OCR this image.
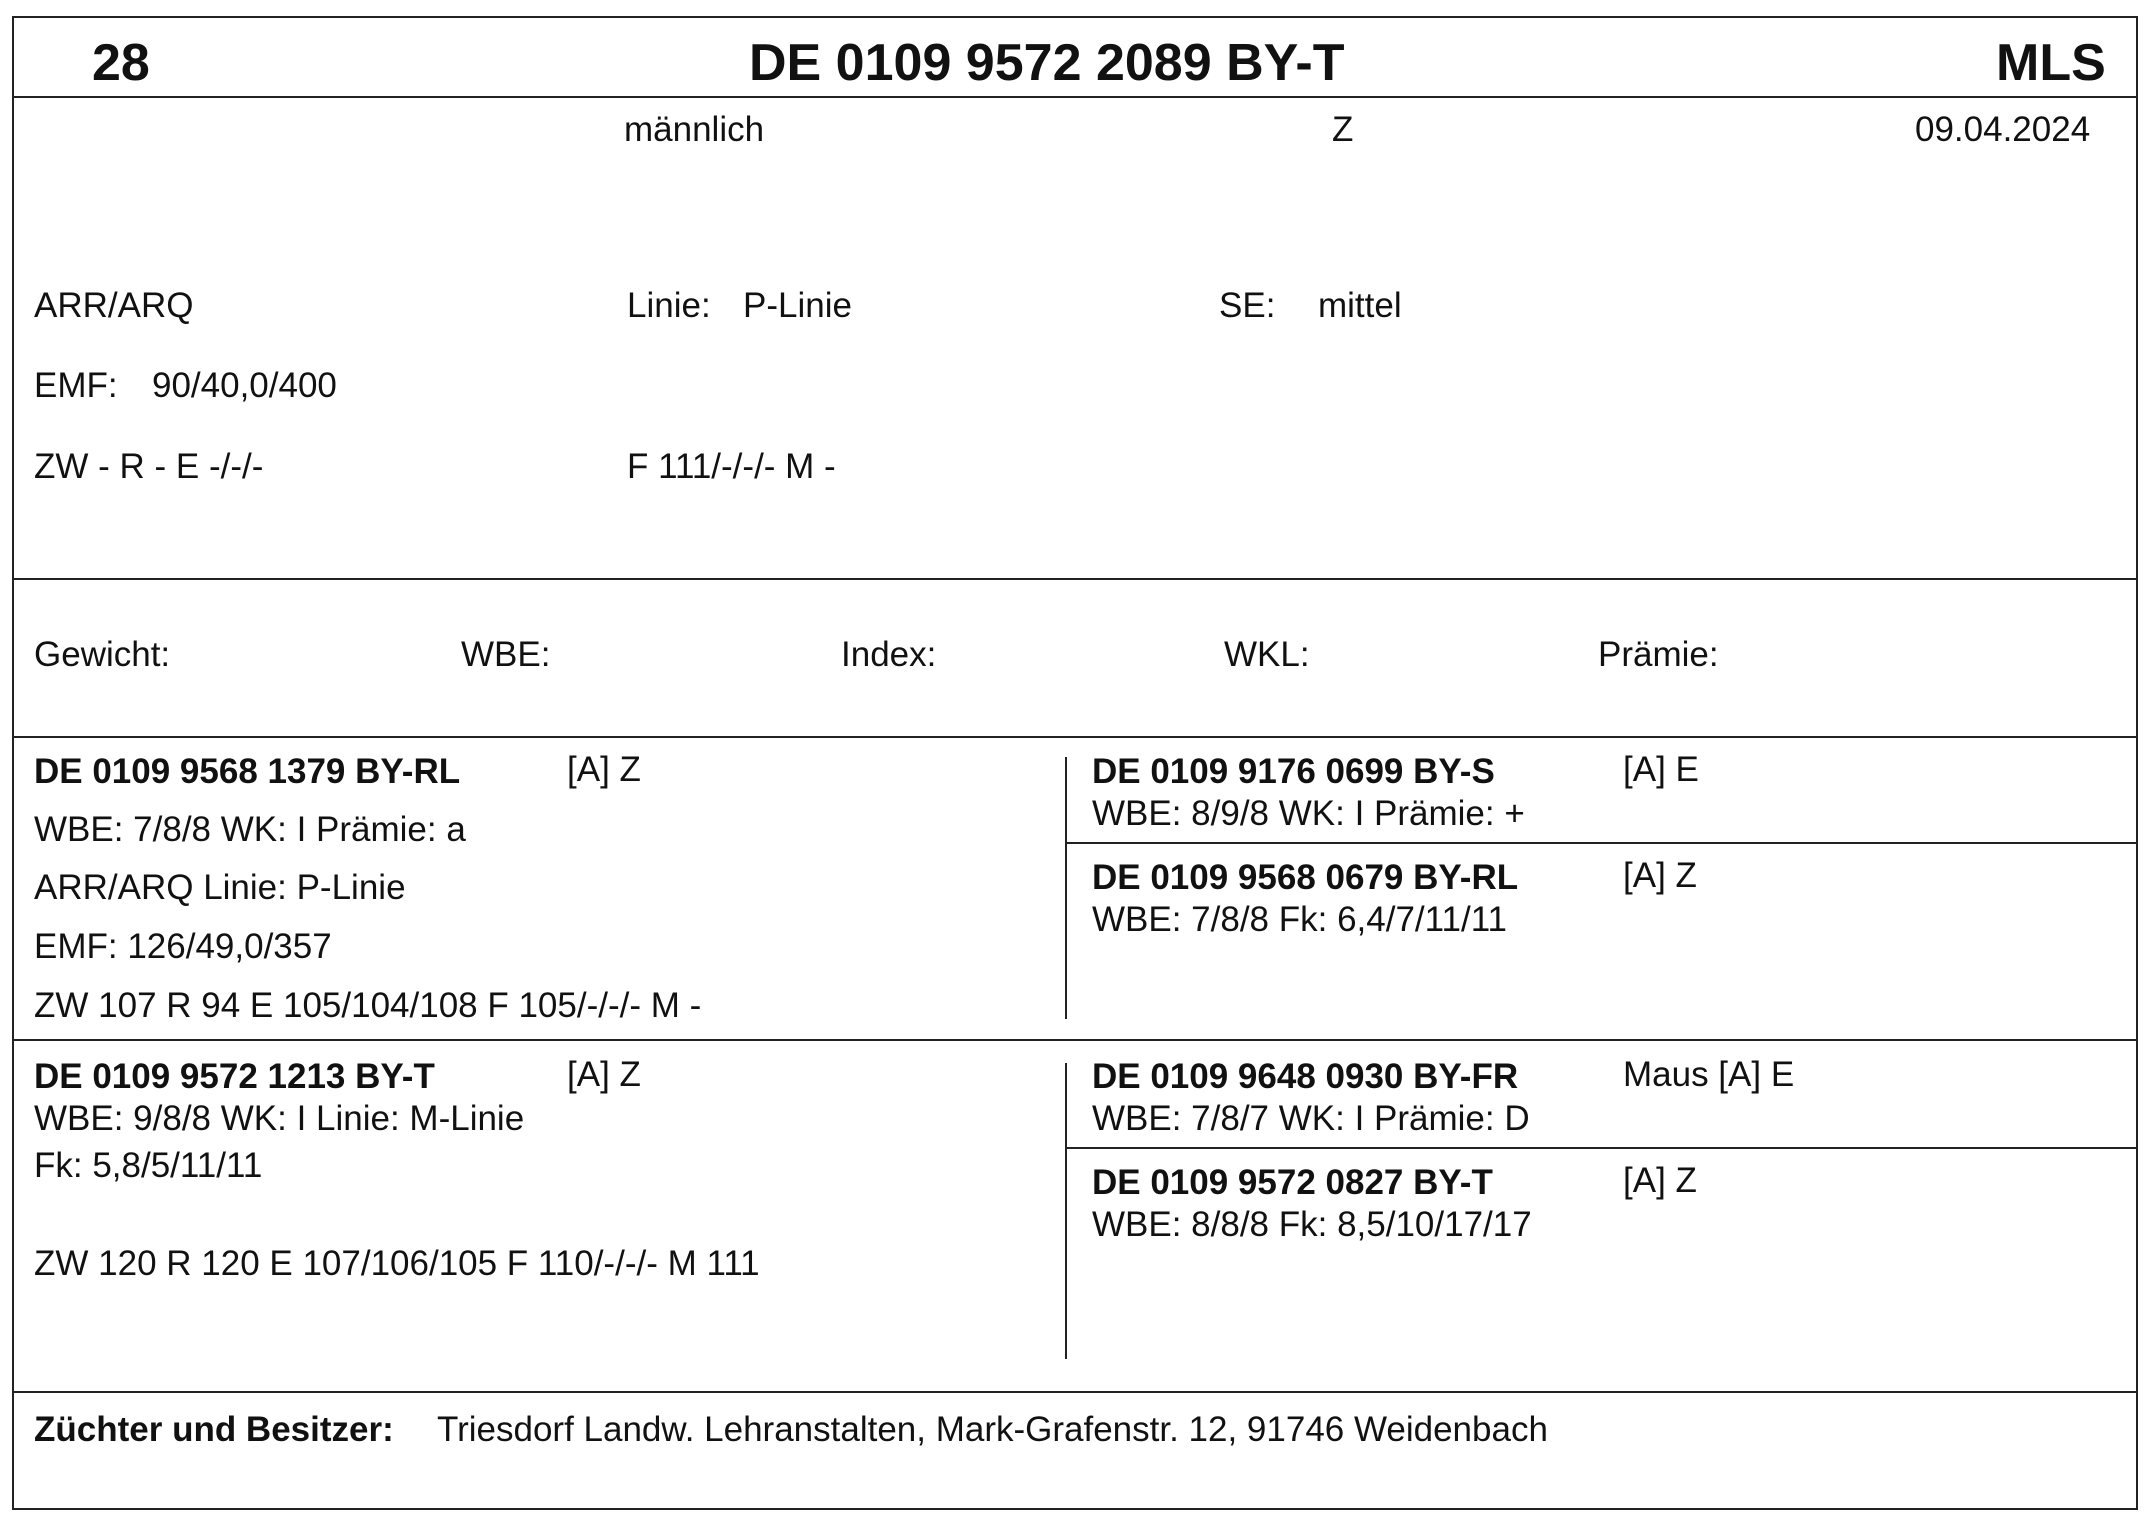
28	DE 0109 9572 2089 BY-T	MLS
männlich	Z	09.04.2024
ARR/ARQ	Linie: P-Linie	SE: mittel
EMF: 90/40,0/400
ZW - R - E -/-/-	F 111/-/-/- M -
Gewicht:	WBE:	Index:	WKL:	Prämie:
DE 0109 9568 1379 BY-RL	[A] Z
WBE: 7/8/8 WK: I Prämie: a
ARR/ARQ Linie: P-Linie
EMF: 126/49,0/357
ZW 107 R 94 E 105/104/108 F 105/-/-/- M -
DE 0109 9176 0699 BY-S	[A] E
WBE: 8/9/8 WK: I Prämie: +
DE 0109 9568 0679 BY-RL	[A] Z
WBE: 7/8/8 Fk: 6,4/7/11/11
DE 0109 9572 1213 BY-T	[A] Z
WBE: 9/8/8 WK: I Linie: M-Linie
Fk: 5,8/5/11/11
ZW 120 R 120 E 107/106/105 F 110/-/-/- M 111
DE 0109 9648 0930 BY-FR	Maus [A] E
WBE: 7/8/7 WK: I Prämie: D
DE 0109 9572 0827 BY-T	[A] Z
WBE: 8/8/8 Fk: 8,5/10/17/17
Züchter und Besitzer: Triesdorf Landw. Lehranstalten, Mark-Grafenstr. 12, 91746 Weidenbach
